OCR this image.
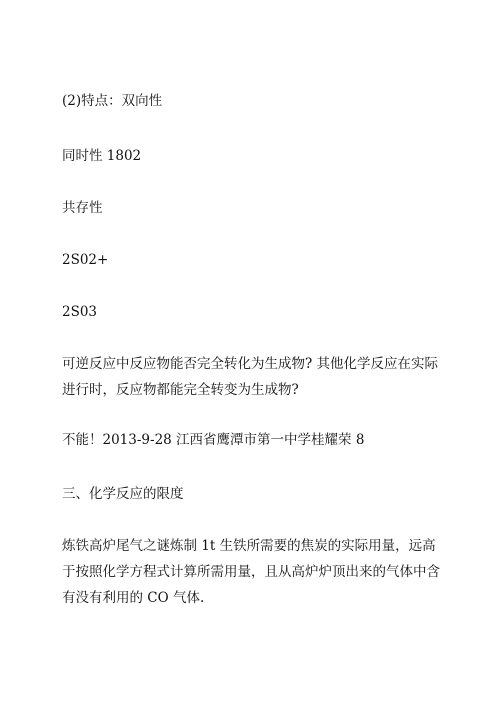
(2)特点：双向性

同时性 1802

共存性

2S02+

2S03

可逆反应中反应物能否完全转化为生成物? 其他化学反应在实际
进行时，反应物都能完全转变为生成物?

不能！2013-9-28 江西省鹰潭市第一中学桂耀荣 8

三、化学反应的限度

炼铁高炉尾气之谜炼制 1t 生铁所需要的焦炭的实际用量，远高
于按照化学方程式计算所需用量，且从高炉炉顶出来的气体中含
有没有利用的 CO 气体.
